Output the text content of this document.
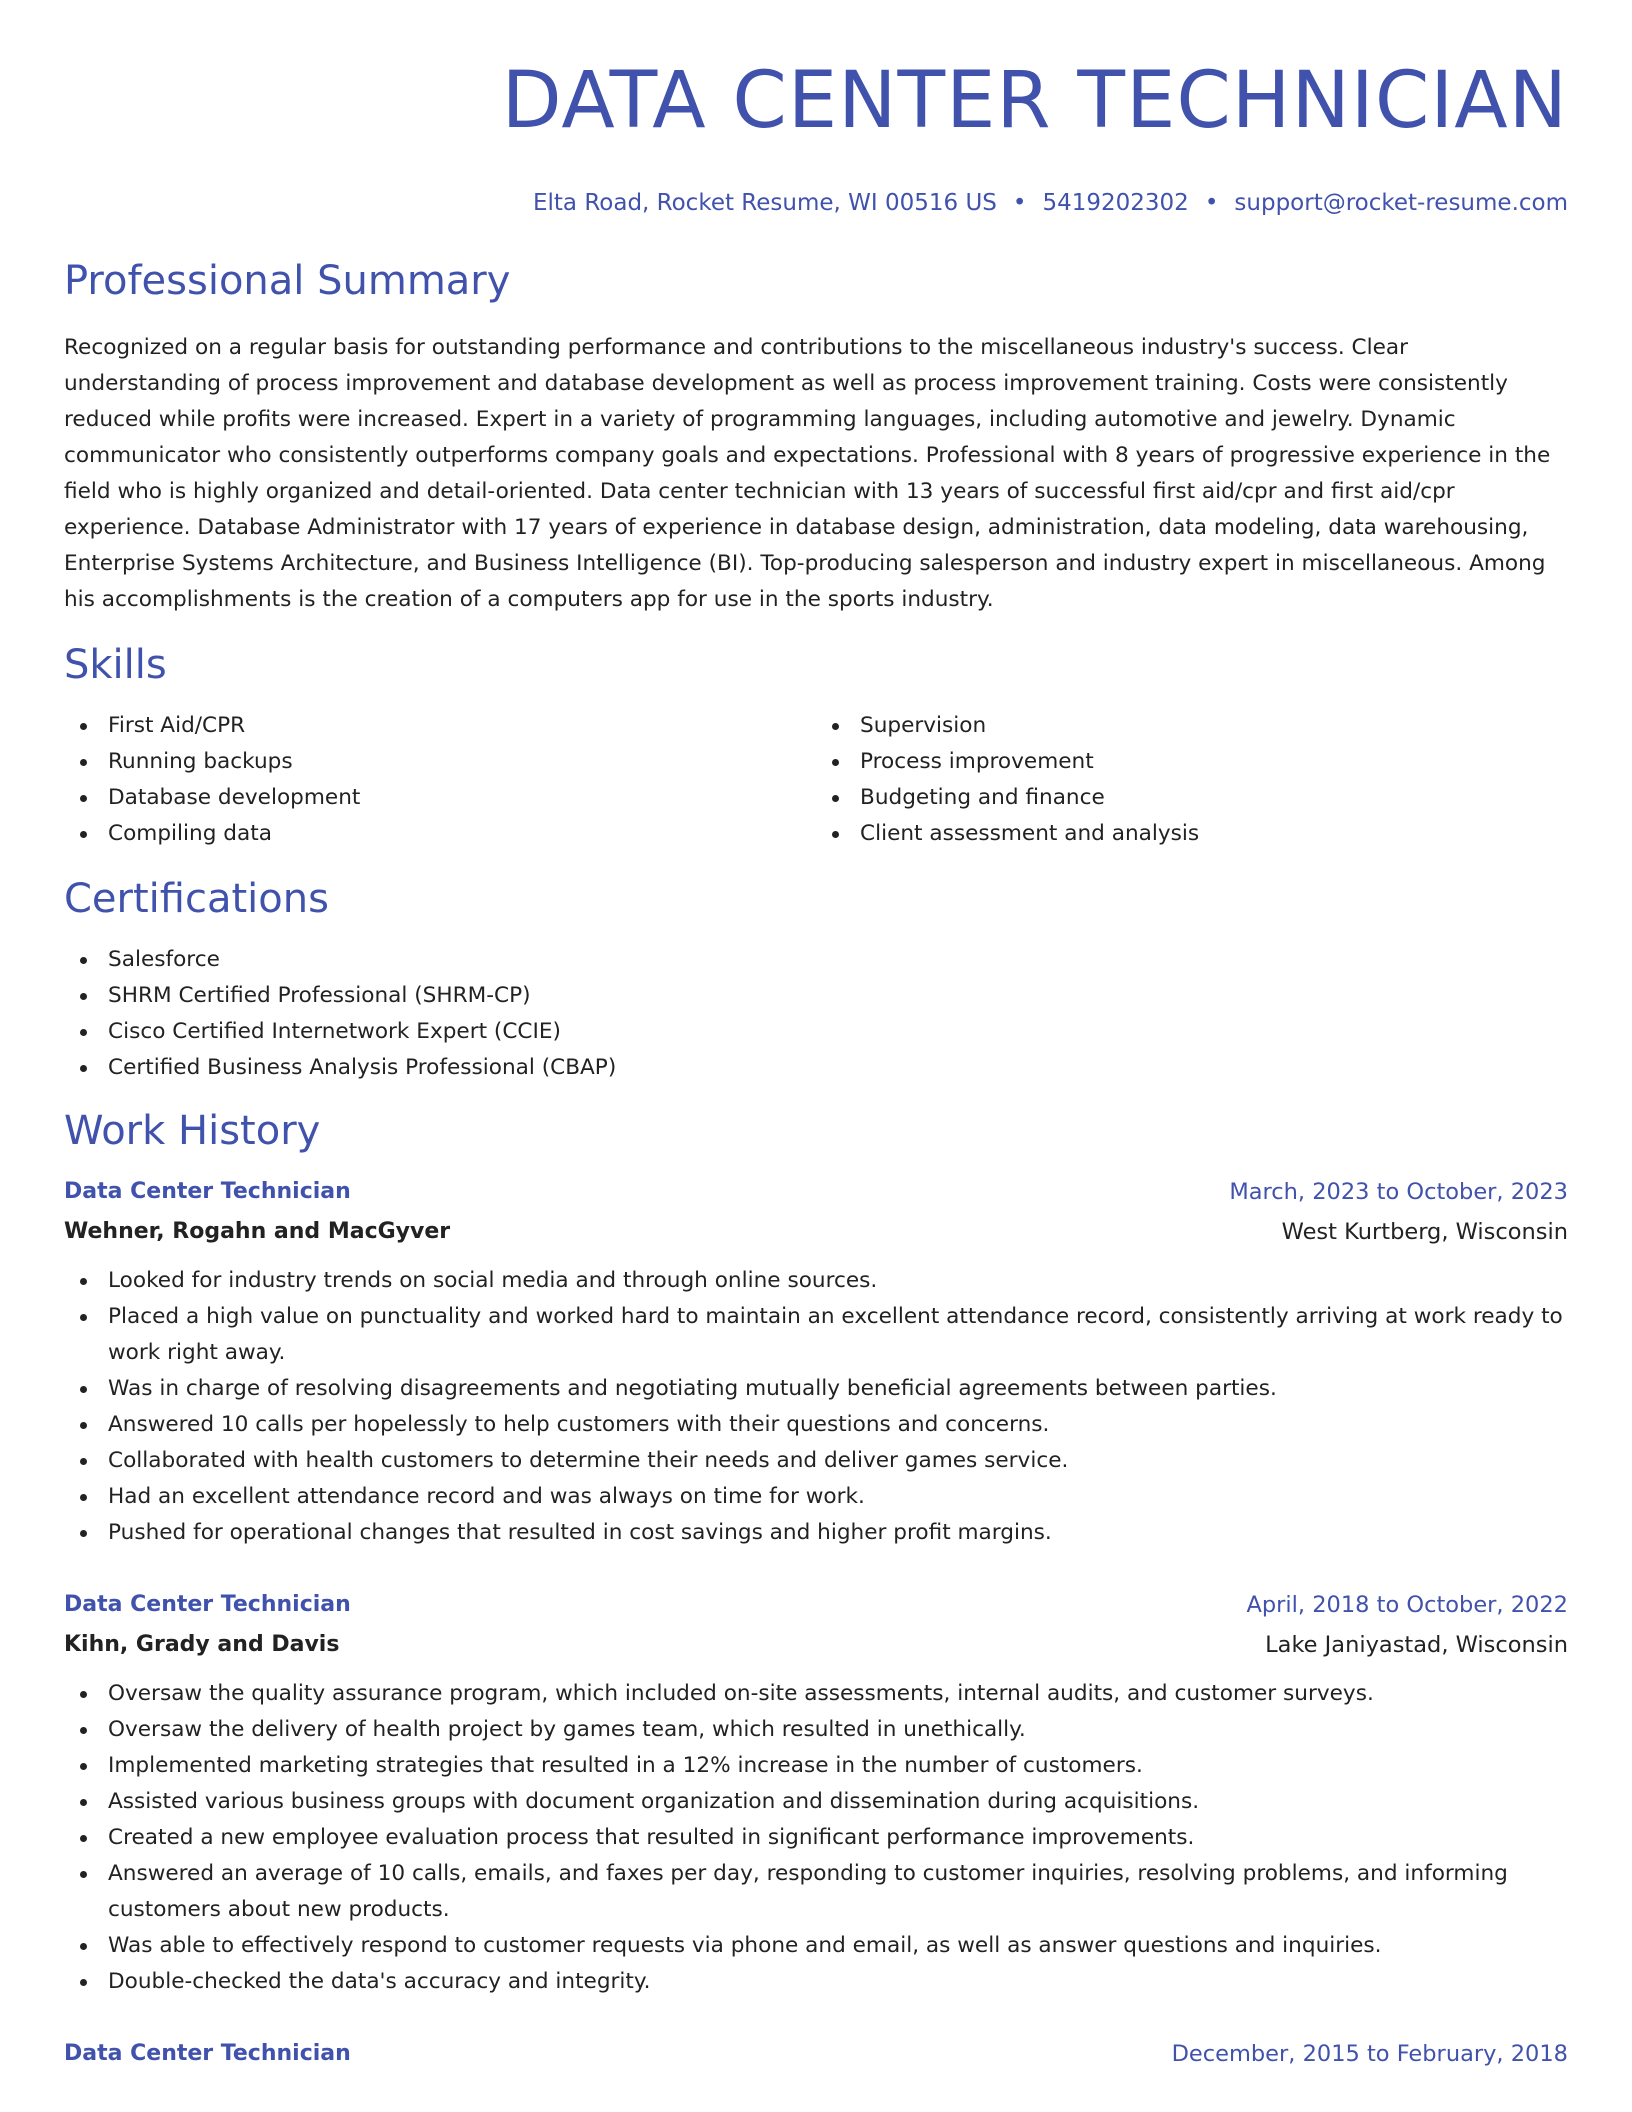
DATA CENTER TECHNICIAN
Elta Road, Rocket Resume, WI 00516 US • 5419202302 • support@rocket-resume.com
Professional Summary

Recognized on a regular basis for outstanding performance and contributions to the miscellaneous industry's success. Clear understanding of process improvement and database development as well as process improvement training. Costs were consistently reduced while profits were increased. Expert in a variety of programming languages, including automotive and jewelry. Dynamic communicator who consistently outperforms company goals and expectations. Professional with 8 years of progressive experience in the field who is highly organized and detail-oriented. Data center technician with 13 years of successful first aid/cpr and first aid/cpr experience. Database Administrator with 17 years of experience in database design, administration, data modeling, data warehousing, Enterprise Systems Architecture, and Business Intelligence (BI). Top-producing salesperson and industry expert in miscellaneous. Among his accomplishments is the creation of a computers app for use in the sports industry.

Skills
First Aid/CPR
Running backups
Database development
Compiling data
Supervision
Process improvement
Budgeting and finance
Client assessment and analysis
Certifications
Salesforce
SHRM Certified Professional (SHRM-CP)
Cisco Certified Internetwork Expert (CCIE)
Certified Business Analysis Professional (CBAP)
Work History
Data Center Technician	March, 2023 to October, 2023
Wehner, Rogahn and MacGyver	West Kurtberg, Wisconsin
Looked for industry trends on social media and through online sources.
Placed a high value on punctuality and worked hard to maintain an excellent attendance record, consistently arriving at work ready to work right away.
Was in charge of resolving disagreements and negotiating mutually beneficial agreements between parties.
Answered 10 calls per hopelessly to help customers with their questions and concerns.
Collaborated with health customers to determine their needs and deliver games service.
Had an excellent attendance record and was always on time for work.
Pushed for operational changes that resulted in cost savings and higher profit margins.
Data Center Technician	April, 2018 to October, 2022
Kihn, Grady and Davis	Lake Janiyastad, Wisconsin
Oversaw the quality assurance program, which included on-site assessments, internal audits, and customer surveys.
Oversaw the delivery of health project by games team, which resulted in unethically.
Implemented marketing strategies that resulted in a 12% increase in the number of customers.
Assisted various business groups with document organization and dissemination during acquisitions.
Created a new employee evaluation process that resulted in significant performance improvements.
Answered an average of 10 calls, emails, and faxes per day, responding to customer inquiries, resolving problems, and informing customers about new products.
Was able to effectively respond to customer requests via phone and email, as well as answer questions and inquiries.
Double-checked the data's accuracy and integrity.
Data Center Technician	December, 2015 to February, 2018
